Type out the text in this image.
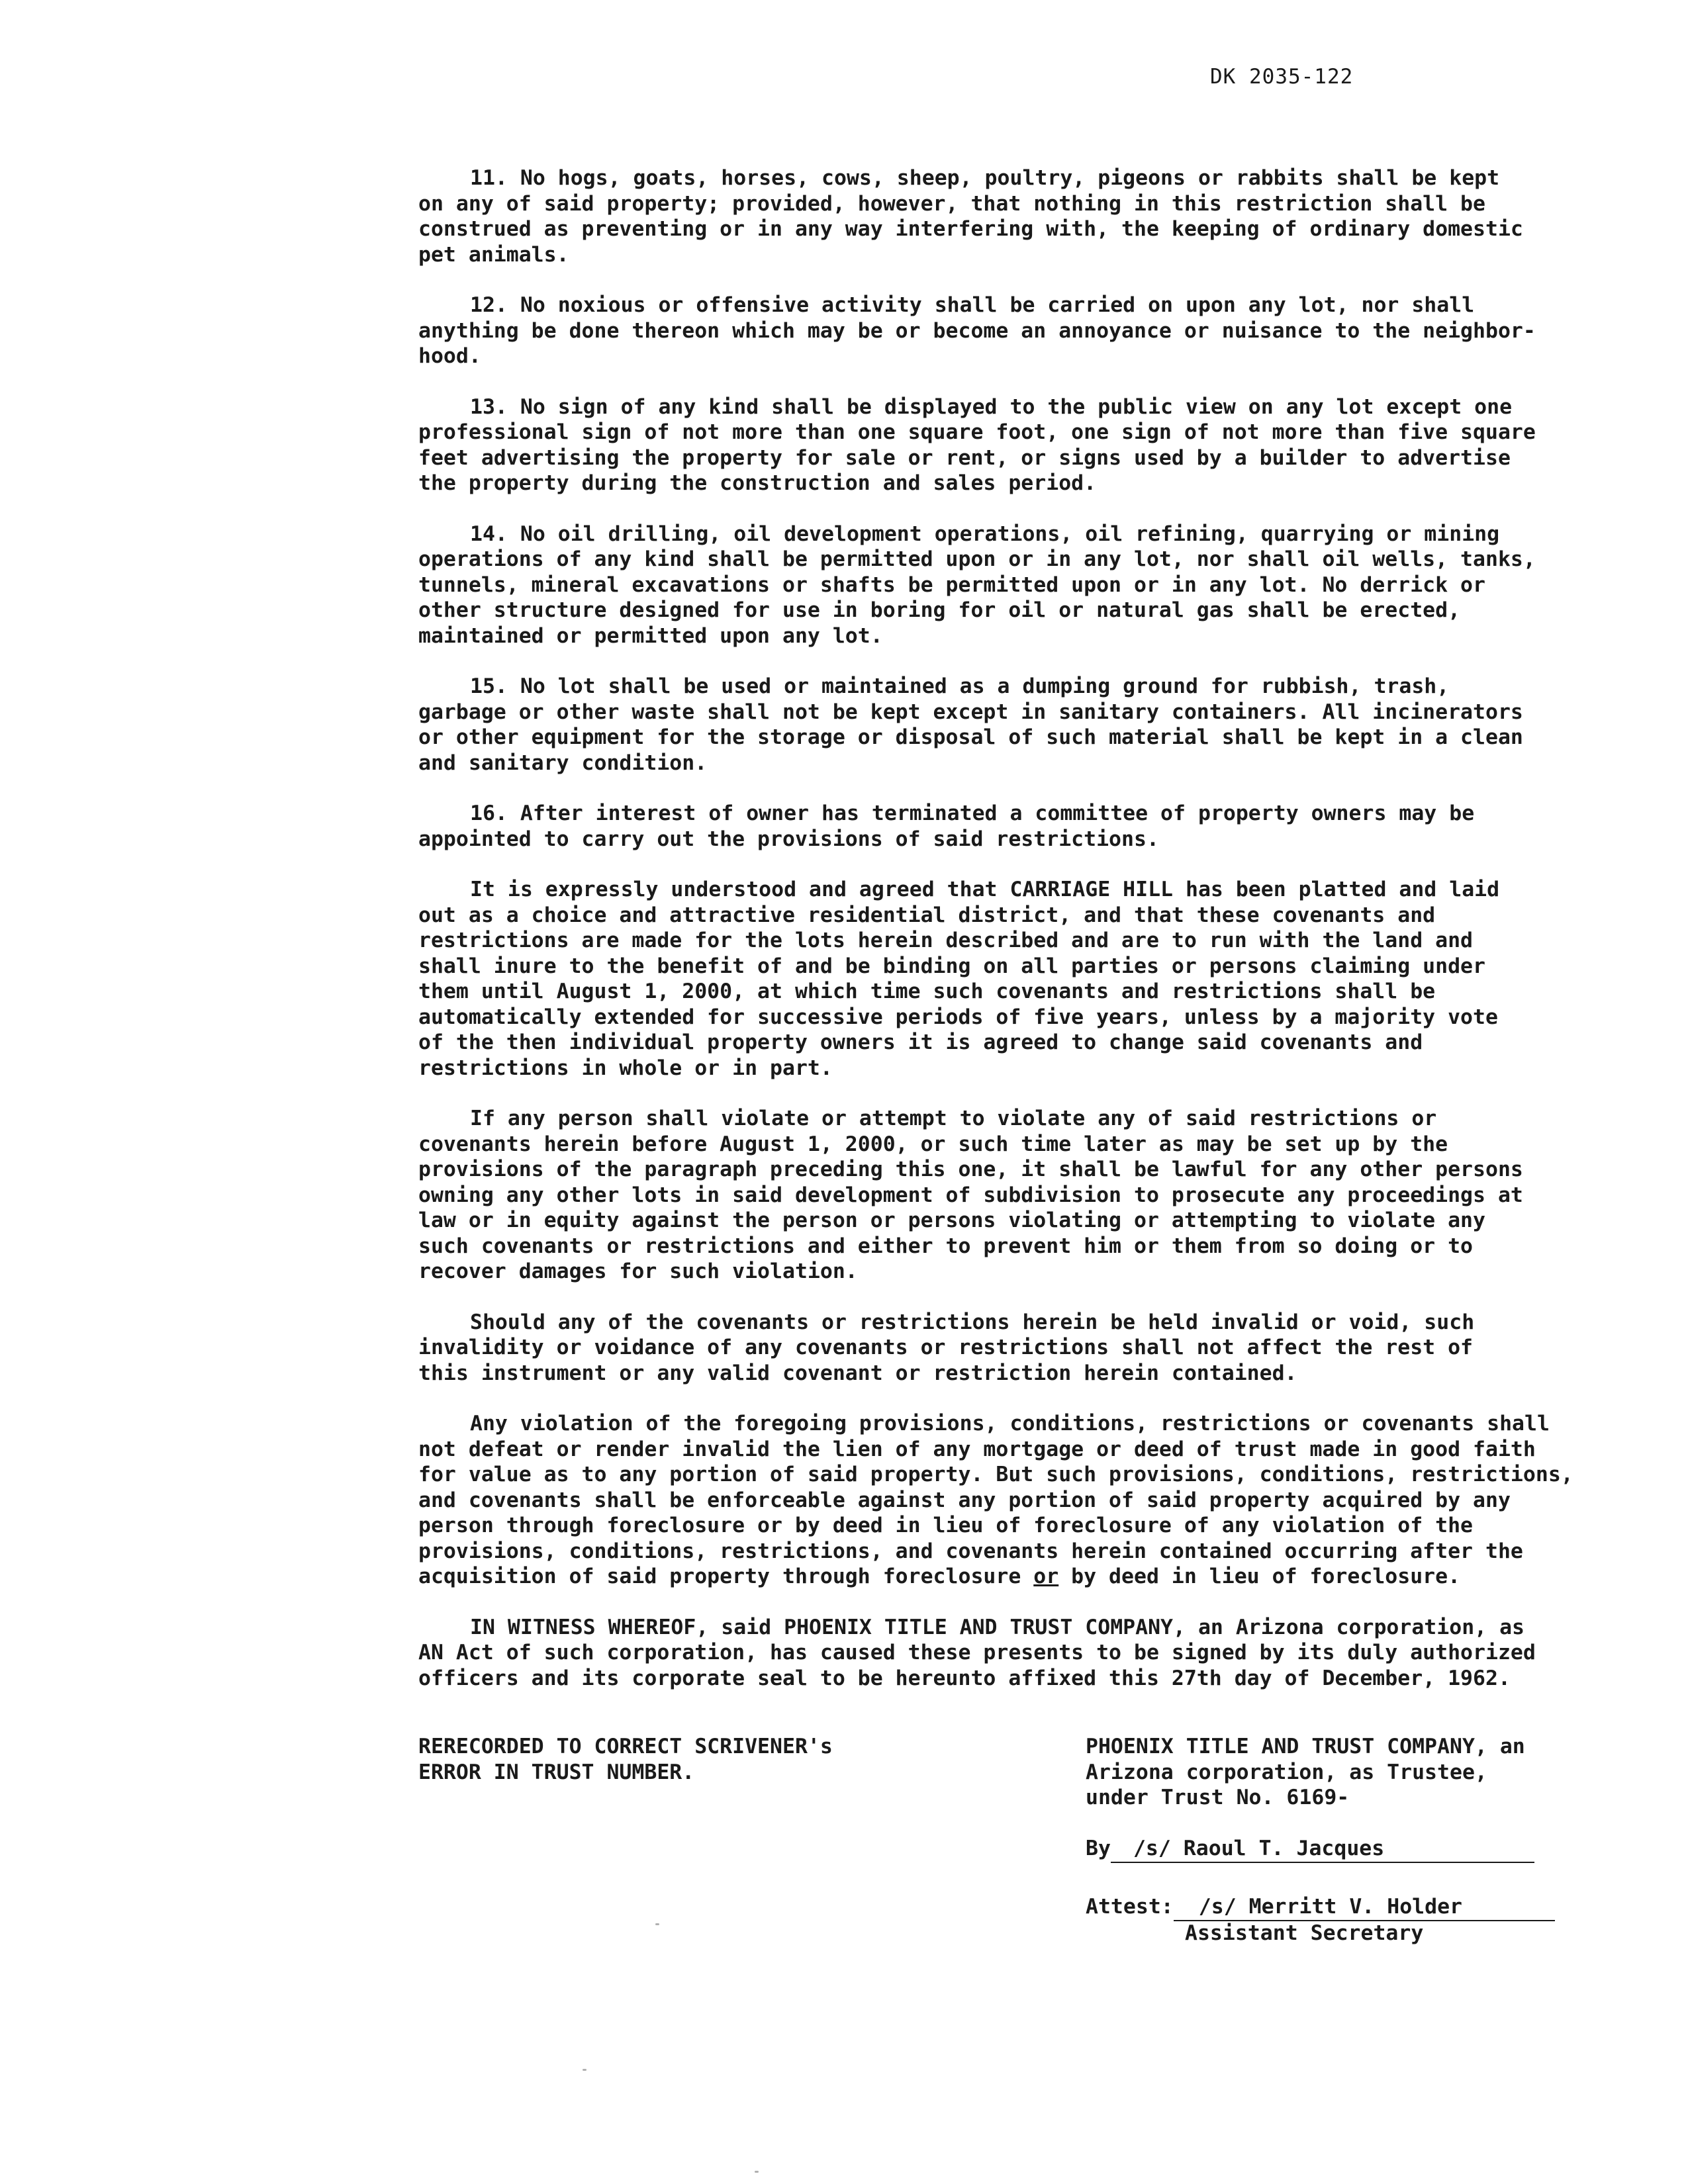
DK 2035-122

11. No hogs, goats, horses, cows, sheep, poultry, pigeons or rabbits shall be kept
on any of said property; provided, however, that nothing in this restriction shall be
construed as preventing or in any way interfering with, the keeping of ordinary domestic
pet animals.

12. No noxious or offensive activity shall be carried on upon any lot, nor shall
anything be done thereon which may be or become an annoyance or nuisance to the neighbor-
hood.

13. No sign of any kind shall be displayed to the public view on any lot except one
professional sign of not more than one square foot, one sign of not more than five square
feet advertising the property for sale or rent, or signs used by a builder to advertise
the property during the construction and sales period.

14. No oil drilling, oil development operations, oil refining, quarrying or mining
operations of any kind shall be permitted upon or in any lot, nor shall oil wells, tanks,
tunnels, mineral excavations or shafts be permitted upon or in any lot. No derrick or
other structure designed for use in boring for oil or natural gas shall be erected,
maintained or permitted upon any lot.

15. No lot shall be used or maintained as a dumping ground for rubbish, trash,
garbage or other waste shall not be kept except in sanitary containers. All incinerators
or other equipment for the storage or disposal of such material shall be kept in a clean
and sanitary condition.

16. After interest of owner has terminated a committee of property owners may be
appointed to carry out the provisions of said restrictions.

It is expressly understood and agreed that CARRIAGE HILL has been platted and laid
out as a choice and attractive residential district, and that these covenants and
restrictions are made for the lots herein described and are to run with the land and
shall inure to the benefit of and be binding on all parties or persons claiming under
them until August 1, 2000, at which time such covenants and restrictions shall be
automatically extended for successive periods of five years, unless by a majority vote
of the then individual property owners it is agreed to change said covenants and
restrictions in whole or in part.

If any person shall violate or attempt to violate any of said restrictions or
covenants herein before August 1, 2000, or such time later as may be set up by the
provisions of the paragraph preceding this one, it shall be lawful for any other persons
owning any other lots in said development of subdivision to prosecute any proceedings at
law or in equity against the person or persons violating or attempting to violate any
such covenants or restrictions and either to prevent him or them from so doing or to
recover damages for such violation.

Should any of the covenants or restrictions herein be held invalid or void, such
invalidity or voidance of any covenants or restrictions shall not affect the rest of
this instrument or any valid covenant or restriction herein contained.

Any violation of the foregoing provisions, conditions, restrictions or covenants shall
not defeat or render invalid the lien of any mortgage or deed of trust made in good faith
for value as to any portion of said property. But such provisions, conditions, restrictions,
and covenants shall be enforceable against any portion of said property acquired by any
person through foreclosure or by deed in lieu of foreclosure of any violation of the
provisions, conditions, restrictions, and covenants herein contained occurring after the
acquisition of said property through foreclosure or by deed in lieu of foreclosure.

IN WITNESS WHEREOF, said PHOENIX TITLE AND TRUST COMPANY, an Arizona corporation, as
AN Act of such corporation, has caused these presents to be signed by its duly authorized
officers and its corporate seal to be hereunto affixed this 27th day of December, 1962.

RERECORDED TO CORRECT SCRIVENER's
ERROR IN TRUST NUMBER.
PHOENIX TITLE AND TRUST COMPANY, an
Arizona corporation, as Trustee,
under Trust No. 6169-
By /s/ Raoul T. Jacques
Attest: /s/ Merritt V. Holder
Assistant Secretary
